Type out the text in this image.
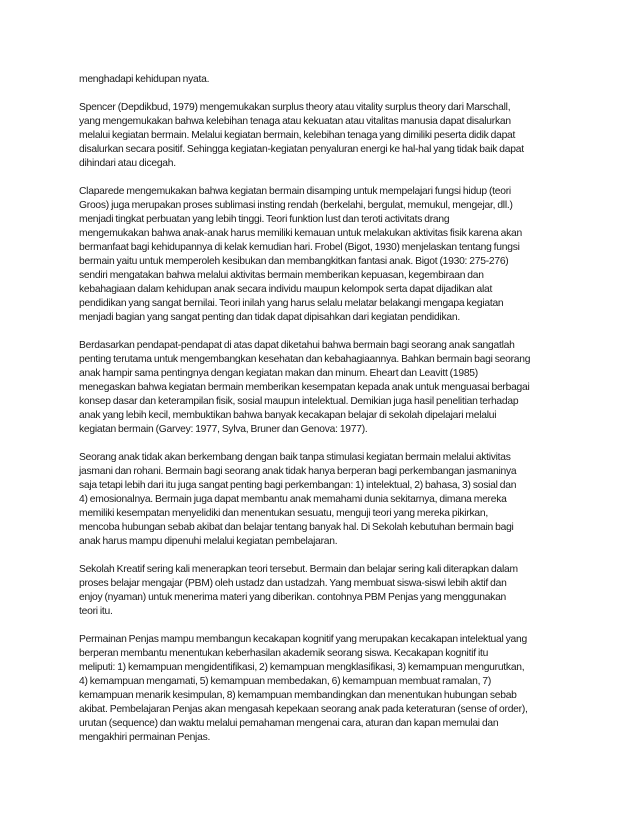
menghadapi kehidupan nyata.

Spencer (Depdikbud, 1979) mengemukakan surplus theory atau vitality surplus theory dari Marschall,
yang mengemukakan bahwa kelebihan tenaga atau kekuatan atau vitalitas manusia dapat disalurkan
melalui kegiatan bermain. Melalui kegiatan bermain, kelebihan tenaga yang dimiliki peserta didik dapat
disalurkan secara positif. Sehingga kegiatan-kegiatan penyaluran energi ke hal-hal yang tidak baik dapat
dihindari atau dicegah.

Claparede mengemukakan bahwa kegiatan bermain disamping untuk mempelajari fungsi hidup (teori
Groos) juga merupakan proses sublimasi insting rendah (berkelahi, bergulat, memukul, mengejar, dll.)
menjadi tingkat perbuatan yang lebih tinggi. Teori funktion lust dan teroti activitats drang
mengemukakan bahwa anak-anak harus memiliki kemauan untuk melakukan aktivitas fisik karena akan
bermanfaat bagi kehidupannya di kelak kemudian hari. Frobel (Bigot, 1930) menjelaskan tentang fungsi
bermain yaitu untuk memperoleh kesibukan dan membangkitkan fantasi anak. Bigot (1930: 275-276)
sendiri mengatakan bahwa melalui aktivitas bermain memberikan kepuasan, kegembiraan dan
kebahagiaan dalam kehidupan anak secara individu maupun kelompok serta dapat dijadikan alat
pendidikan yang sangat bernilai. Teori inilah yang harus selalu melatar belakangi mengapa kegiatan
menjadi bagian yang sangat penting dan tidak dapat dipisahkan dari kegiatan pendidikan.

Berdasarkan pendapat-pendapat di atas dapat diketahui bahwa bermain bagi seorang anak sangatlah
penting terutama untuk mengembangkan kesehatan dan kebahagiaannya. Bahkan bermain bagi seorang
anak hampir sama pentingnya dengan kegiatan makan dan minum. Eheart dan Leavitt (1985)
menegaskan bahwa kegiatan bermain memberikan kesempatan kepada anak untuk menguasai berbagai
konsep dasar dan keterampilan fisik, sosial maupun intelektual. Demikian juga hasil penelitian terhadap
anak yang lebih kecil, membuktikan bahwa banyak kecakapan belajar di sekolah dipelajari melalui
kegiatan bermain (Garvey: 1977, Sylva, Bruner dan Genova: 1977).

Seorang anak tidak akan berkembang dengan baik tanpa stimulasi kegiatan bermain melalui aktivitas
jasmani dan rohani. Bermain bagi seorang anak tidak hanya berperan bagi perkembangan jasmaninya
saja tetapi lebih dari itu juga sangat penting bagi perkembangan: 1) intelektual, 2) bahasa, 3) sosial dan
4) emosionalnya. Bermain juga dapat membantu anak memahami dunia sekitarnya, dimana mereka
memiliki kesempatan menyelidiki dan menentukan sesuatu, menguji teori yang mereka pikirkan,
mencoba hubungan sebab akibat dan belajar tentang banyak hal. Di Sekolah kebutuhan bermain bagi
anak harus mampu dipenuhi melalui kegiatan pembelajaran.

Sekolah Kreatif sering kali menerapkan teori tersebut. Bermain dan belajar sering kali diterapkan dalam
proses belajar mengajar (PBM) oleh ustadz dan ustadzah. Yang membuat siswa-siswi lebih aktif dan
enjoy (nyaman) untuk menerima materi yang diberikan. contohnya PBM Penjas yang menggunakan
teori itu.

Permainan Penjas mampu membangun kecakapan kognitif yang merupakan kecakapan intelektual yang
berperan membantu menentukan keberhasilan akademik seorang siswa. Kecakapan kognitif itu
meliputi: 1) kemampuan mengidentifikasi, 2) kemampuan mengklasifikasi, 3) kemampuan mengurutkan,
4) kemampuan mengamati, 5) kemampuan membedakan, 6) kemampuan membuat ramalan, 7)
kemampuan menarik kesimpulan, 8) kemampuan membandingkan dan menentukan hubungan sebab
akibat. Pembelajaran Penjas akan mengasah kepekaan seorang anak pada keteraturan (sense of order),
urutan (sequence) dan waktu melalui pemahaman mengenai cara, aturan dan kapan memulai dan
mengakhiri permainan Penjas.
